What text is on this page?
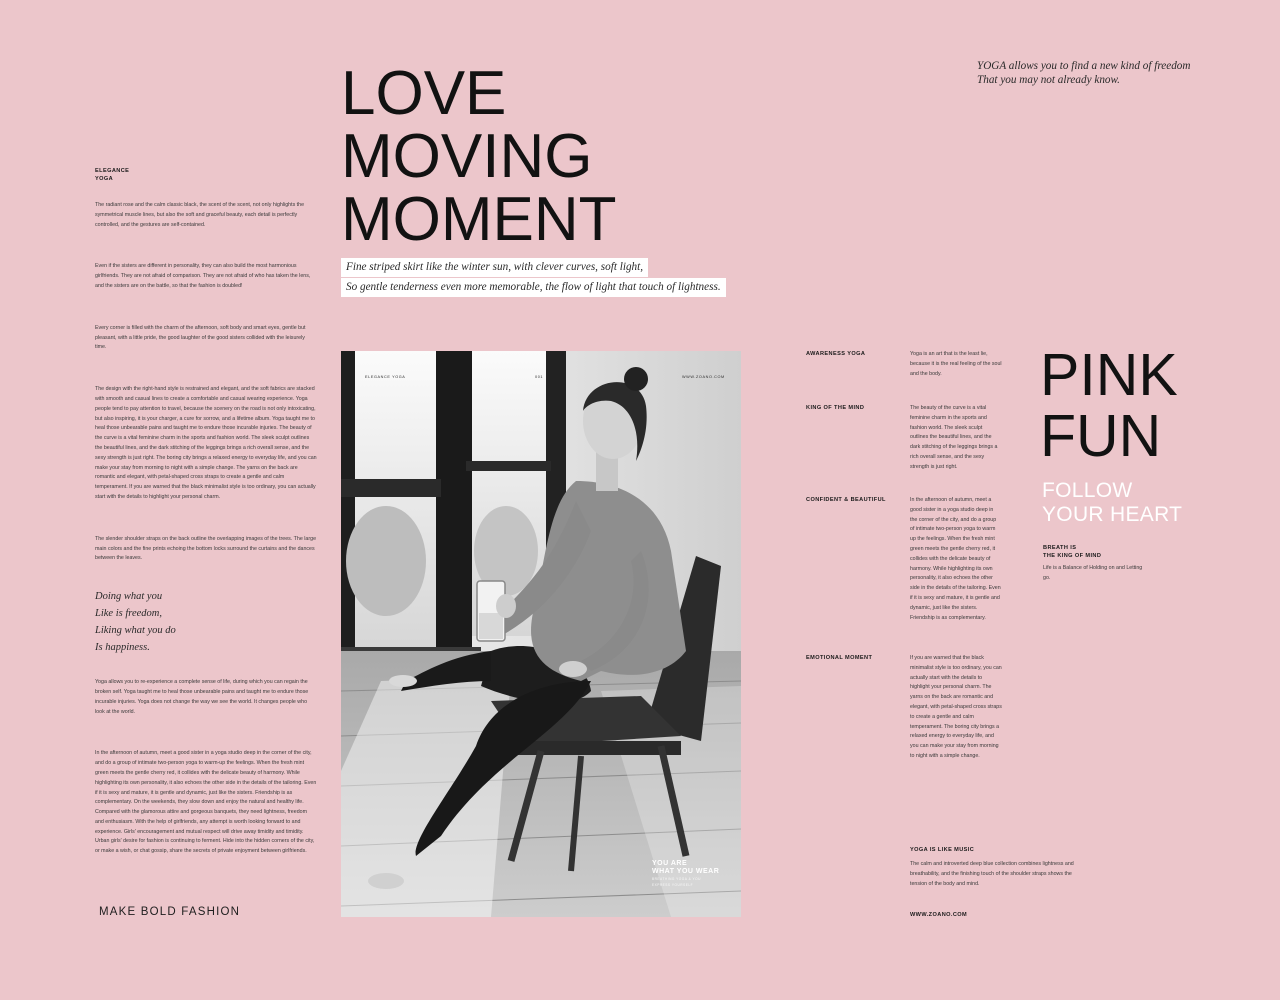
ELEGANCE
YOGA
The radiant rose and the calm classic black, the scent of the scent, not only highlights the symmetrical muscle lines, but also the soft and graceful beauty, each detail is perfectly controlled, and the gestures are self-contained.
Even if the sisters are different in personality, they can also build the most harmonious girlfriends. They are not afraid of comparison. They are not afraid of who has taken the lens, and the sisters are on the battle, so that the fashion is doubled!
Every corner is filled with the charm of the afternoon, soft body and smart eyes, gentle but pleasant, with a little pride, the good laughter of the good sisters collided with the leisurely time.
The design with the right-hand style is restrained and elegant, and the soft fabrics are stacked with smooth and casual lines to create a comfortable and casual wearing experience. Yoga people tend to pay attention to travel, because the scenery on the road is not only intoxicating, but also inspiring, it is your charger, a cure for sorrow, and a lifetime album. Yoga taught me to heal those unbearable pains and taught me to endure those incurable injuries. The beauty of the curve is a vital feminine charm in the sports and fashion world. The sleek sculpt outlines the beautiful lines, and the dark stitching of the leggings brings a rich overall sense, and the sexy strength is just right. The boring city brings a relaxed energy to everyday life, and you can make your stay from morning to night with a simple change. The yarns on the back are romantic and elegant, with petal-shaped cross straps to create a gentle and calm temperament. If you are warned that the black minimalist style is too ordinary, you can actually start with the details to highlight your personal charm.
The slender shoulder straps on the back outline the overlapping images of the trees. The large main colors and the fine prints echoing the bottom locks surround the curtains and the dances between the leaves.
Doing what you
Like is freedom,
Liking what you do
Is happiness.
Yoga allows you to re-experience a complete sense of life, during which you can regain the broken self. Yoga taught me to heal those unbearable pains and taught me to endure those incurable injuries. Yoga does not change the way we see the world. It changes people who look at the world.
In the afternoon of autumn, meet a good sister in a yoga studio deep in the corner of the city, and do a group of intimate two-person yoga to warm-up the feelings. When the fresh mint green meets the gentle cherry red, it collides with the delicate beauty of harmony. While highlighting its own personality, it also echoes the other side in the details of the tailoring. Even if it is sexy and mature, it is gentle and dynamic, just like the sisters. Friendship is as complementary. On the weekends, they slow down and enjoy the natural and healthy life. Compared with the glamorous attire and gorgeous banquets, they need lightness, freedom and enthusiasm. With the help of girlfriends, any attempt is worth looking forward to and experience. Girls' encouragement and mutual respect will drive away timidity and timidity. Urban girls' desire for fashion is continuing to ferment. Hide into the hidden corners of the city, or make a wish, or chat gossip, share the secrets of private enjoyment between girlfriends.
MAKE BOLD FASHION
LOVE
MOVING
MOMENT
Fine striped skirt like the winter sun, with clever curves, soft light,
So gentle tenderness even more memorable, the flow of light that touch of lightness.
ELEGANCE YOGA	001	WWW.ZOANO.COM
YOU ARE
WHAT YOU WEAR
BREATHING YOGA & YOU
EXPRESS YOURSELF
YOGA allows you to find a new kind of freedom
That you may not already know.
AWARENESS YOGA	Yoga is an art that is the least lie, because it is the real feeling of the soul and the body.
KING OF THE MIND	The beauty of the curve is a vital feminine charm in the sports and fashion world. The sleek sculpt outlines the beautiful lines, and the dark stitching of the leggings brings a rich overall sense, and the sexy strength is just right.
CONFIDENT & BEAUTIFUL	In the afternoon of autumn, meet a good sister in a yoga studio deep in the corner of the city, and do a group of intimate two-person yoga to warm up the feelings. When the fresh mint green meets the gentle cherry red, it collides with the delicate beauty of harmony. While highlighting its own personality, it also echoes the other side in the details of the tailoring. Even if it is sexy and mature, it is gentle and dynamic, just like the sisters. Friendship is as complementary.
EMOTIONAL MOMENT	If you are warned that the black minimalist style is too ordinary, you can actually start with the details to highlight your personal charm. The yarns on the back are romantic and elegant, with petal-shaped cross straps to create a gentle and calm temperament. The boring city brings a relaxed energy to everyday life, and you can make your stay from morning to night with a simple change.
PINK
FUN
FOLLOW
YOUR HEART
BREATH IS
THE KING OF MIND
Life is a Balance of Holding on and Letting go.
YOGA IS LIKE MUSIC
The calm and introverted deep blue collection combines lightness and breathability, and the finishing touch of the shoulder straps shows the tension of the body and mind.
WWW.ZOANO.COM
